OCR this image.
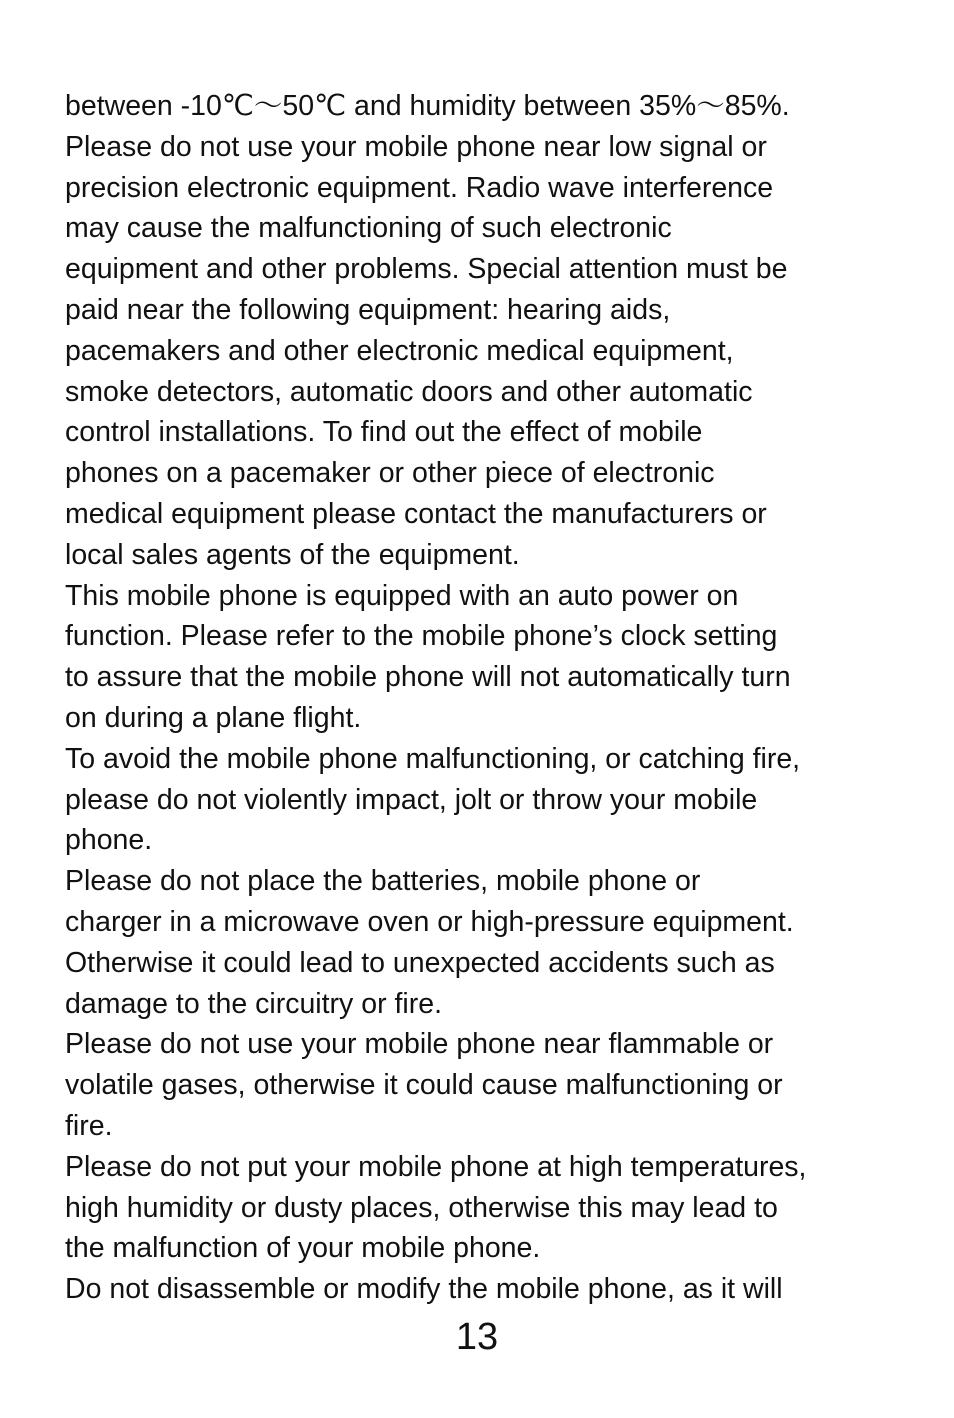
between -10℃～50℃ and humidity between 35%～85%.

Please do not use your mobile phone near low signal or
precision electronic equipment. Radio wave interference
may cause the malfunctioning of such electronic
equipment and other problems. Special attention must be
paid near the following equipment: hearing aids,
pacemakers and other electronic medical equipment,
smoke detectors, automatic doors and other automatic
control installations. To find out the effect of mobile
phones on a pacemaker or other piece of electronic
medical equipment please contact the manufacturers or
local sales agents of the equipment.

This mobile phone is equipped with an auto power on
function. Please refer to the mobile phone’s clock setting
to assure that the mobile phone will not automatically turn
on during a plane flight.

To avoid the mobile phone malfunctioning, or catching fire,
please do not violently impact, jolt or throw your mobile
phone.

Please do not place the batteries, mobile phone or
charger in a microwave oven or high-pressure equipment.
Otherwise it could lead to unexpected accidents such as
damage to the circuitry or fire.

Please do not use your mobile phone near flammable or
volatile gases, otherwise it could cause malfunctioning or
fire.

Please do not put your mobile phone at high temperatures,
high humidity or dusty places, otherwise this may lead to
the malfunction of your mobile phone.

Do not disassemble or modify the mobile phone, as it will

13
